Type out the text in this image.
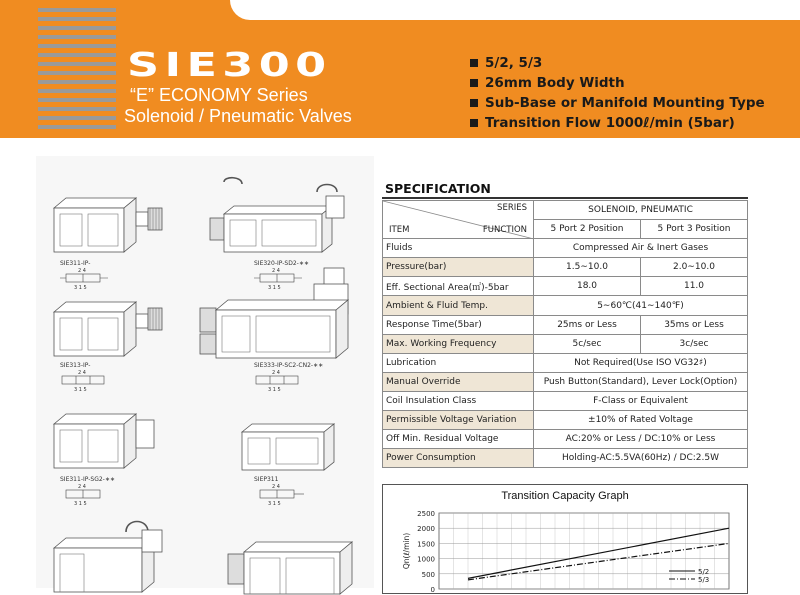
SIE300
“E” ECONOMY Series
Solenoid / Pneumatic Valves
5/2, 5/3
26mm Body Width
Sub-Base or Manifold Mounting Type
Transition Flow 1000ℓ/min (5bar)
SIE311-IP-
2 4
3 1 5
SIE320-IP-SD2-∗∗
2 4
3 1 5
SIE313-IP-
2 4
3 1 5
SIE333-IP-SC2-CN2-∗∗
2 4
3 1 5
SIE311-IP-SG2-∗∗
2 4
3 1 5
SIEP311
2 4
3 1 5
SPECIFICATION
SERIES
ITEM FUNCTION	SOLENOID, PNEUMATIC	
	5 Port 2 Position	5 Port 3 Position
Fluids	Compressed Air & Inert Gases	
Pressure(bar)	1.5∼10.0	2.0∼10.0
Eff. Sectional Area(㎡)-5bar	18.0	11.0
Ambient & Fluid Temp.	5∼60℃(41∼140℉)	
Response Time(5bar)	25ms or Less	35ms or Less
Max. Working Frequency	5c/sec	3c/sec
Lubrication	Not Required(Use ISO VG32♯)	
Manual Override	Push Button(Standard), Lever Lock(Option)	
Coil Insulation Class	F-Class or Equivalent	
Permissible Voltage Variation	±10% of Rated Voltage	
Off Min. Residual Voltage	AC:20% or Less / DC:10% or Less	
Power Consumption	Holding-AC:5.5VA(60Hz) / DC:2.5W	
Transition Capacity Graph
2500
2000
1500
1000
500
0
Qn(ℓ/min)
5/2
5/3
